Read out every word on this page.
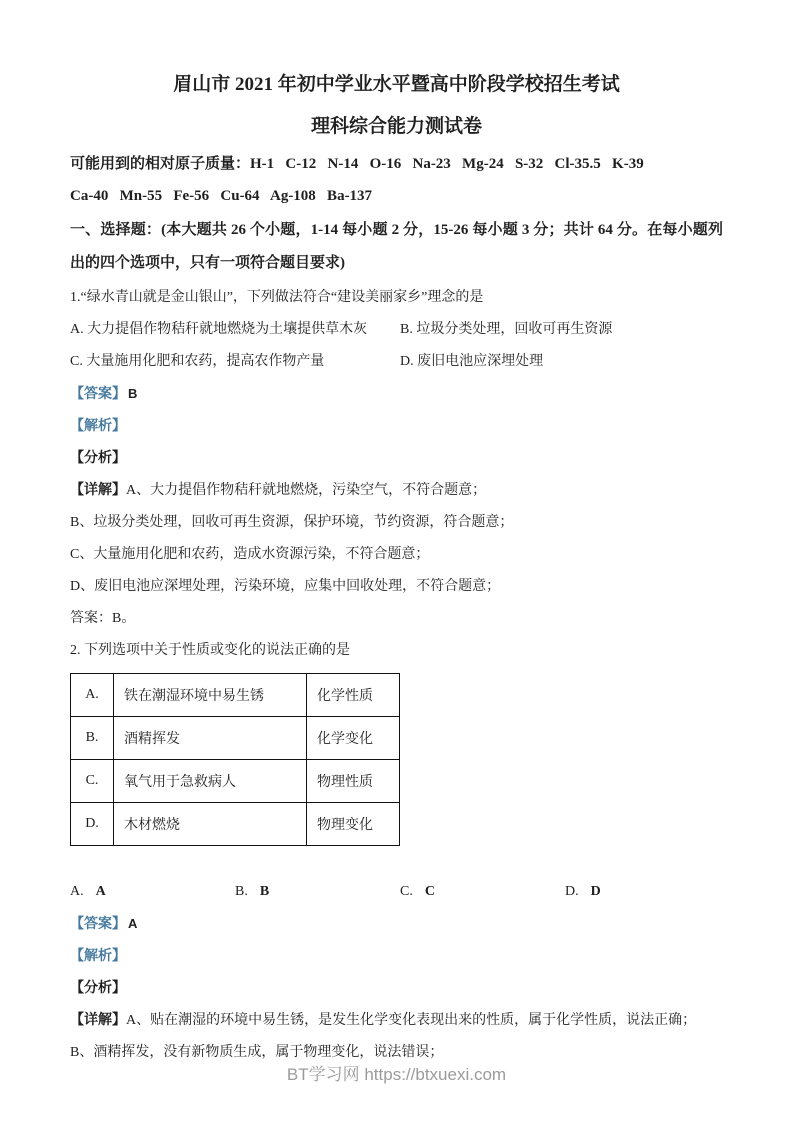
眉山市 2021 年初中学业水平暨高中阶段学校招生考试
理科综合能力测试卷

可能用到的相对原子质量：H-1   C-12   N-14   O-16   Na-23   Mg-24   S-32   Cl-35.5   K-39

Ca-40   Mn-55   Fe-56   Cu-64   Ag-108   Ba-137

一、选择题：(本大题共 26 个小题，1-14 每小题 2 分，15-26 每小题 3 分；共计 64 分。在每小题列出的四个选项中，只有一项符合题目要求)

1.“绿水青山就是金山银山”，下列做法符合“建设美丽家乡”理念的是

A. 大力提倡作物秸秆就地燃烧为土壤提供草木灰	B. 垃圾分类处理，回收可再生资源
C. 大量施用化肥和农药，提高农作物产量	D. 废旧电池应深埋处理

【答案】 B

【解析】

【分析】

【详解】A、大力提倡作物秸秆就地燃烧，污染空气，不符合题意；

B、垃圾分类处理，回收可再生资源，保护环境，节约资源，符合题意；

C、大量施用化肥和农药，造成水资源污染，不符合题意；

D、废旧电池应深埋处理，污染环境，应集中回收处理，不符合题意；

答案：B。

2. 下列选项中关于性质或变化的说法正确的是

A.	铁在潮湿环境中易生锈	化学性质
B.	酒精挥发	化学变化
C.	氧气用于急救病人	物理性质
D.	木材燃烧	物理变化
A. A	B. B	C. C	D. D

【答案】 A

【解析】

【分析】

【详解】A、贴在潮湿的环境中易生锈，是发生化学变化表现出来的性质，属于化学性质，说法正确；

B、酒精挥发，没有新物质生成，属于物理变化，说法错误；

BT学习网 https://btxuexi.com
